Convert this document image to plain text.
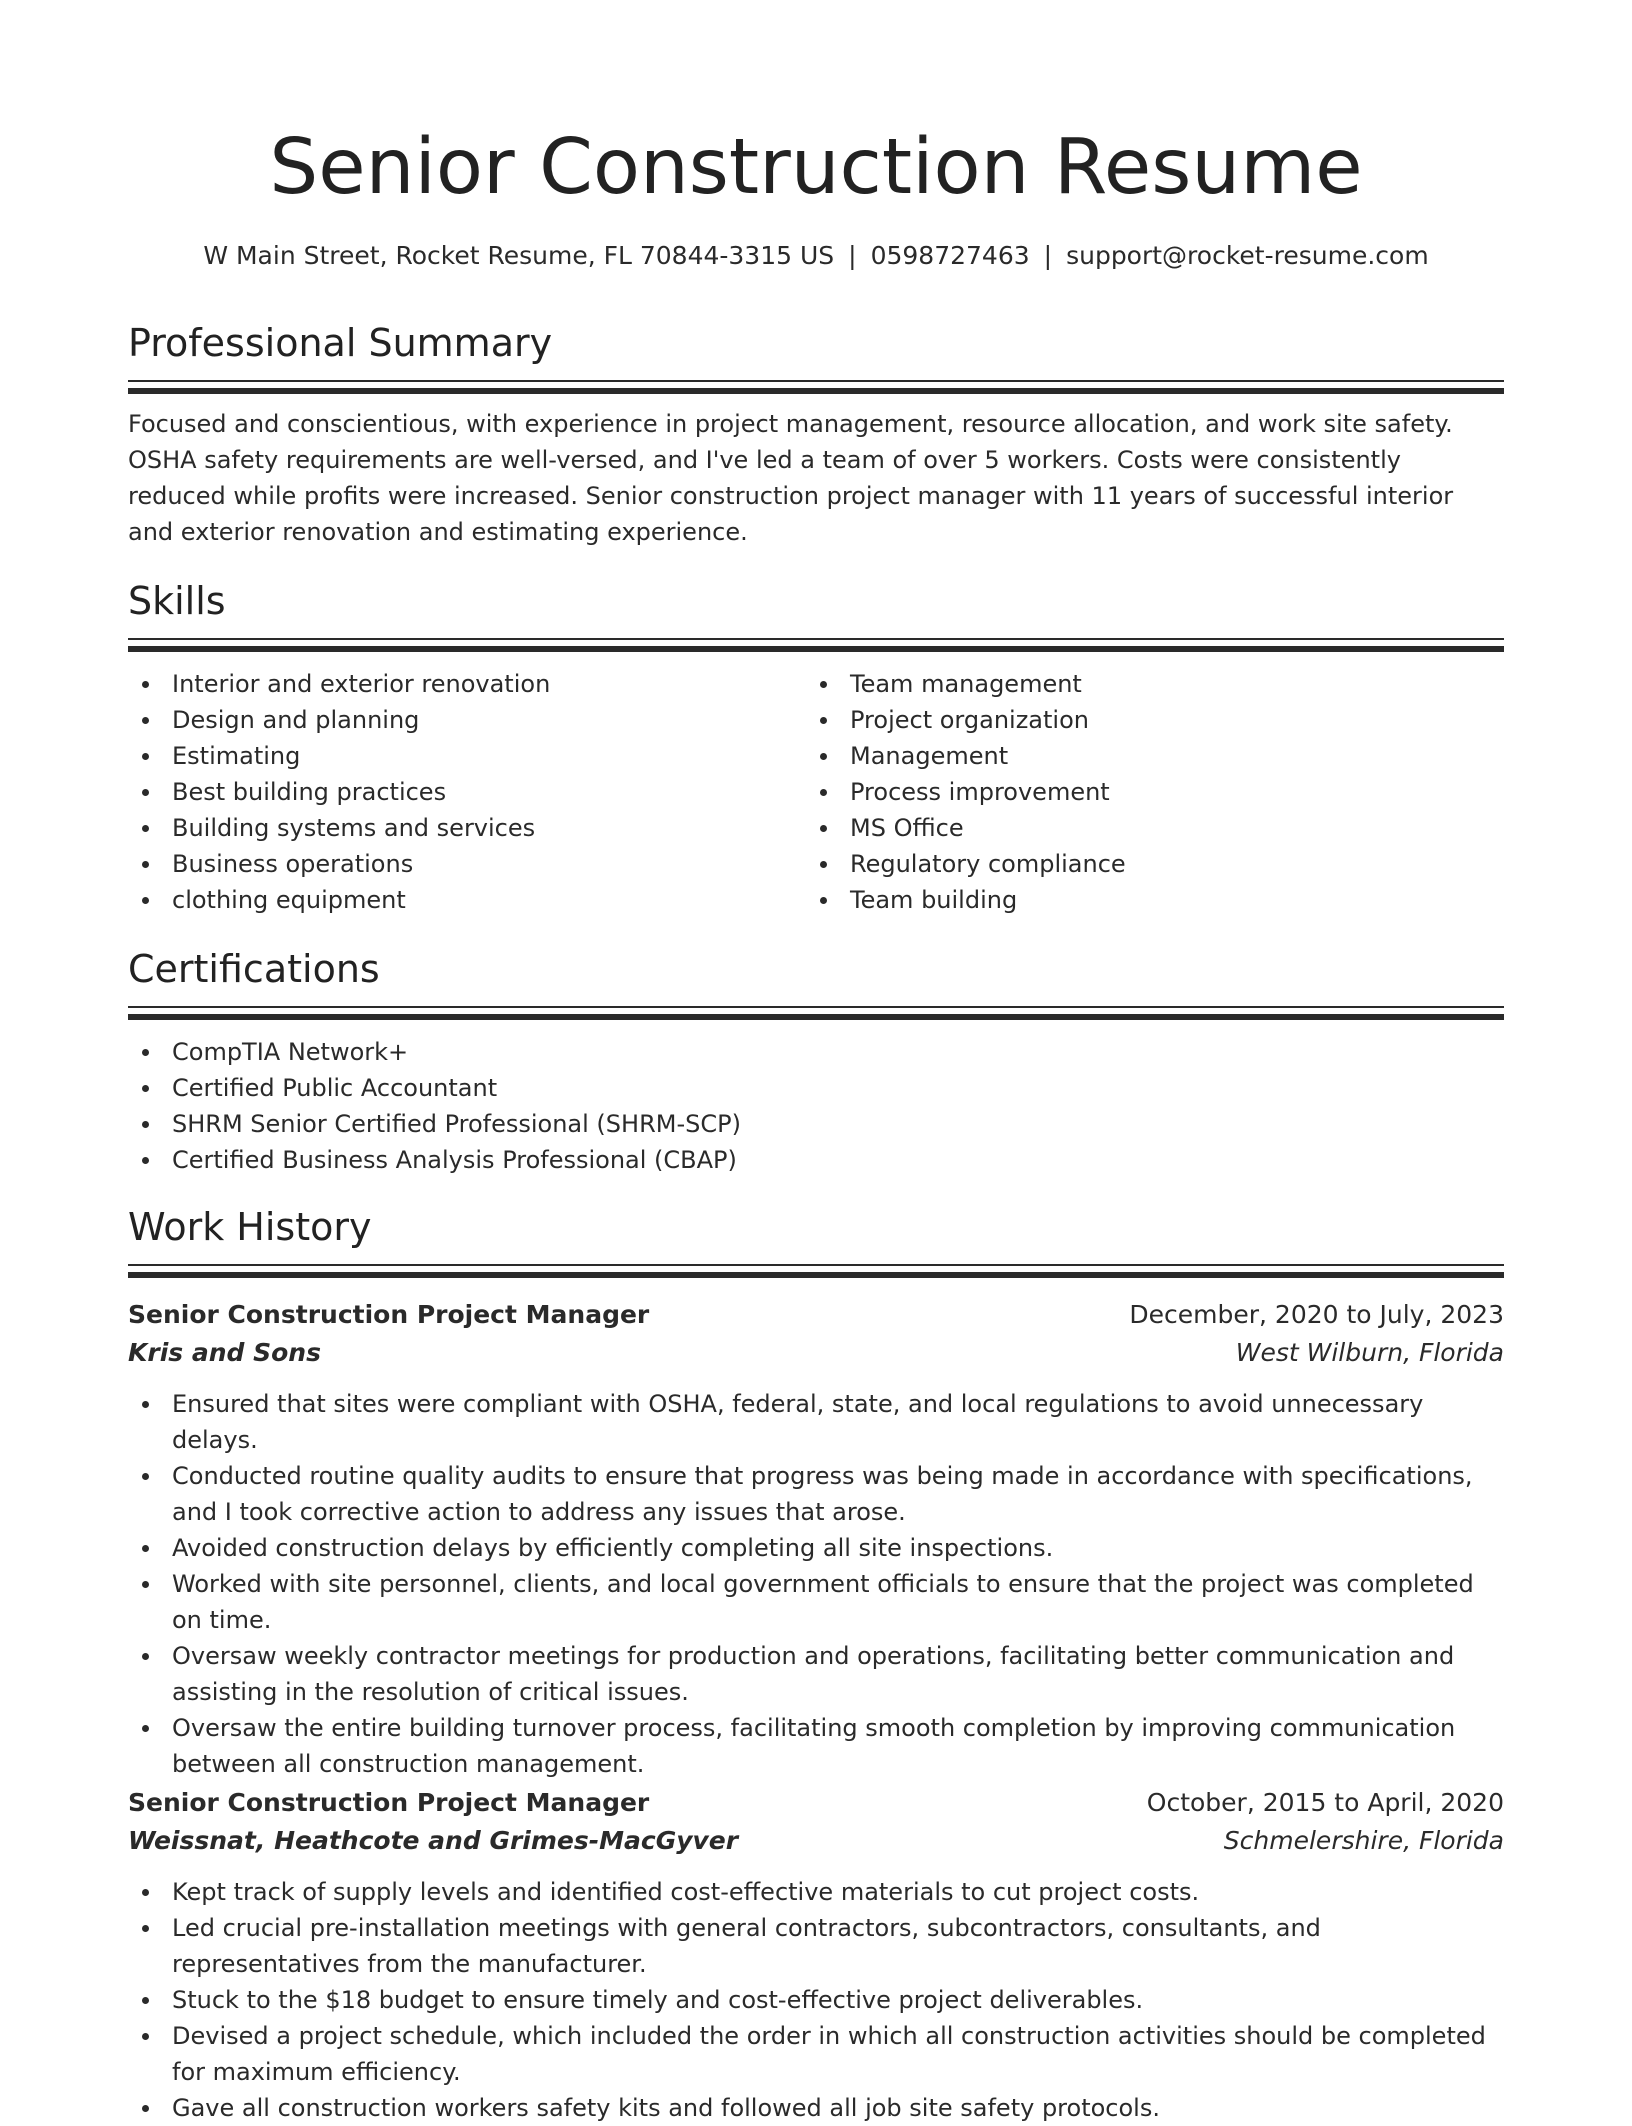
Senior Construction Resume
W Main Street, Rocket Resume, FL 70844-3315 US | 0598727463 | support@rocket-resume.com
Professional Summary

Focused and conscientious, with experience in project management, resource allocation, and work site safety. OSHA safety requirements are well-versed, and I've led a team of over 5 workers. Costs were consistently reduced while profits were increased. Senior construction project manager with 11 years of successful interior and exterior renovation and estimating experience.

Skills
Interior and exterior renovation
Design and planning
Estimating
Best building practices
Building systems and services
Business operations
clothing equipment
Team management
Project organization
Management
Process improvement
MS Office
Regulatory compliance
Team building
Certifications
CompTIA Network+
Certified Public Accountant
SHRM Senior Certified Professional (SHRM-SCP)
Certified Business Analysis Professional (CBAP)
Work History
Senior Construction Project Manager	December, 2020 to July, 2023
Kris and Sons	West Wilburn, Florida
Ensured that sites were compliant with OSHA, federal, state, and local regulations to avoid unnecessary delays.
Conducted routine quality audits to ensure that progress was being made in accordance with specifications, and I took corrective action to address any issues that arose.
Avoided construction delays by efficiently completing all site inspections.
Worked with site personnel, clients, and local government officials to ensure that the project was completed on time.
Oversaw weekly contractor meetings for production and operations, facilitating better communication and assisting in the resolution of critical issues.
Oversaw the entire building turnover process, facilitating smooth completion by improving communication between all construction management.
Senior Construction Project Manager	October, 2015 to April, 2020
Weissnat, Heathcote and Grimes-MacGyver	Schmelershire, Florida
Kept track of supply levels and identified cost-effective materials to cut project costs.
Led crucial pre-installation meetings with general contractors, subcontractors, consultants, and representatives from the manufacturer.
Stuck to the $18 budget to ensure timely and cost-effective project deliverables.
Devised a project schedule, which included the order in which all construction activities should be completed for maximum efficiency.
Gave all construction workers safety kits and followed all job site safety protocols.
